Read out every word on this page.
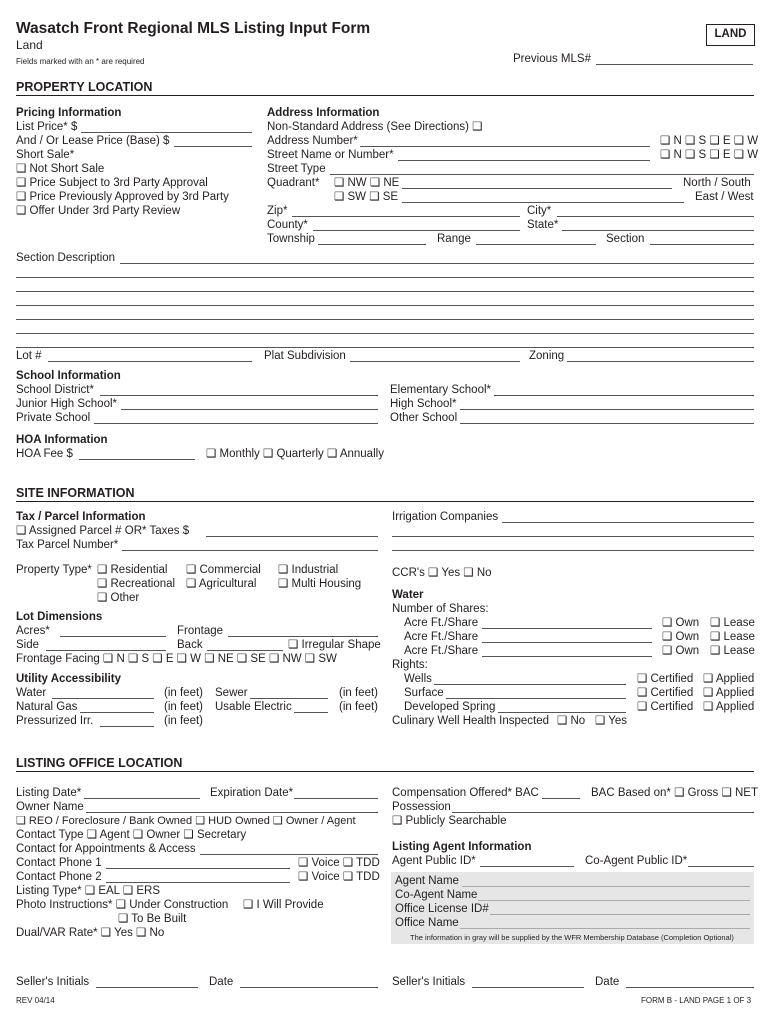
Wasatch Front Regional MLS Listing Input Form
Land
Fields marked with an * are required
LAND
Previous MLS#
PROPERTY LOCATION
Pricing Information
List Price* $
And / Or Lease Price (Base) $
Short Sale*
❑ Not Short Sale
❑ Price Subject to 3rd Party Approval
❑ Price Previously Approved by 3rd Party
❑ Offer Under 3rd Party Review
Address Information
Non-Standard Address (See Directions) ❑
Address Number*	❑ N ❑ S ❑ E ❑ W
Street Name or Number*	❑ N ❑ S ❑ E ❑ W
Street Type
Quadrant* ❑ NW ❑ NE	North / South
❑ SW ❑ SE	East / West
Zip*	City*
County*	State*
Township	Range	Section
Section Description
Lot #	Plat Subdivision	Zoning
School Information
School District*	Elementary School*
Junior High School*	High School*
Private School	Other School
HOA Information
HOA Fee $	❑ Monthly ❑ Quarterly ❑ Annually
SITE INFORMATION
Tax / Parcel Information
❑ Assigned Parcel # OR* Taxes $
Tax Parcel Number*
Irrigation Companies
Property Type* ❑ Residential ❑ Commercial ❑ Industrial
❑ Recreational ❑ Agricultural ❑ Multi Housing
❑ Other
CCR's ❑ Yes ❑ No
Lot Dimensions
Acres*	Frontage
Side	Back	❑ Irregular Shape
Frontage Facing ❑ N ❑ S ❑ E ❑ W ❑ NE ❑ SE ❑ NW ❑ SW
Water
Number of Shares:
Acre Ft./Share	❑ Own ❑ Lease
Acre Ft./Share	❑ Own ❑ Lease
Acre Ft./Share	❑ Own ❑ Lease
Rights:
Wells	❑ Certified ❑ Applied
Surface	❑ Certified ❑ Applied
Developed Spring	❑ Certified ❑ Applied
Culinary Well Health Inspected ❑ No ❑ Yes
Utility Accessibility
Water	(in feet) Sewer	(in feet)
Natural Gas	(in feet) Usable Electric	(in feet)
Pressurized Irr.	(in feet)
LISTING OFFICE LOCATION
Listing Date*	Expiration Date*
Owner Name
❑ REO / Foreclosure / Bank Owned ❑ HUD Owned ❑ Owner / Agent
Contact Type ❑ Agent ❑ Owner ❑ Secretary
Contact for Appointments & Access
Contact Phone 1	❑ Voice ❑ TDD
Contact Phone 2	❑ Voice ❑ TDD
Listing Type* ❑ EAL ❑ ERS
Photo Instructions* ❑ Under Construction ❑ I Will Provide
❑ To Be Built
Dual/VAR Rate* ❑ Yes ❑ No
Compensation Offered* BAC	BAC Based on* ❑ Gross ❑ NET
Possession
❑ Publicly Searchable
Listing Agent Information
Agent Public ID*	Co-Agent Public ID*
Agent Name
Co-Agent Name
Office License ID#
Office Name
The information in gray will be supplied by the WFR Membership Database (Completion Optional)
Seller's Initials	Date	Seller's Initials	Date
REV 04/14	FORM B - LAND PAGE 1 OF 3
